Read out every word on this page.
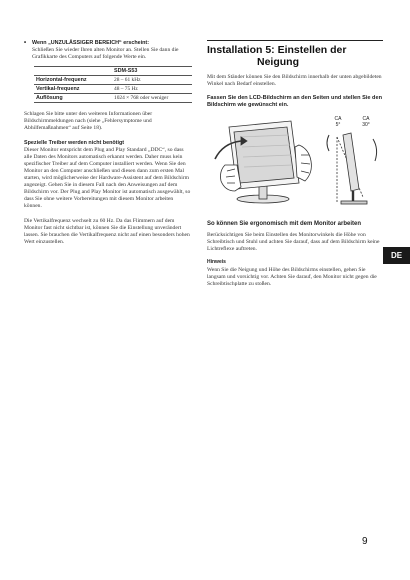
• Wenn „UNZULÄSSIGER BEREICH“ erscheint:
Schließen Sie wieder Ihren alten Monitor an. Stellen Sie dann die Grafikkarte des Computers auf folgende Werte ein.
	SDM-S53
Horizontal-frequenz	28 – 61 kHz
Vertikal-frequenz	48 – 75 Hz
Auflösung	1024 × 768 oder weniger

Schlagen Sie bitte unter den weiteren Informationen über Bildschirmmeldungen nach (siehe „Fehlersymptome und Abhilfemaßnahmen“ auf Seite 18).

Spezielle Treiber werden nicht benötigt

Dieser Monitor entspricht dem Plug and Play Standard „DDC“, so dass alle Daten des Monitors automatisch erkannt werden. Daher muss kein spezifischer Treiber auf dem Computer installiert werden. Wenn Sie den Monitor an den Computer anschließen und diesen dann zum ersten Mal starten, wird möglicherweise der Hardware-Assistent auf dem Bildschirm angezeigt. Gehen Sie in diesem Fall nach den Anweisungen auf dem Bildschirm vor. Der Plug and Play Monitor ist automatisch ausgewählt, so dass Sie ohne weitere Vorbereitungen mit diesem Monitor arbeiten können.

Die Vertikalfrequenz wechselt zu 60 Hz. Da das Flimmern auf dem Monitor fast nicht sichtbar ist, können Sie die Einstellung unverändert lassen. Sie brauchen die Vertikalfrequenz nicht auf einen besonders hohen Wert einzustellen.

Installation 5: Einstellen der
Neigung

Mit dem Ständer können Sie den Bildschirm innerhalb der unten abgebildeten Winkel nach Bedarf einstellen.

Fassen Sie den LCD-Bildschirm an den Seiten und stellen Sie den Bildschirm wie gewünscht ein.

CA
5°
CA
30°
So können Sie ergonomisch mit dem Monitor arbeiten

Berücksichtigen Sie beim Einstellen des Monitorwinkels die Höhe von Schreibtisch und Stuhl und achten Sie darauf, dass auf dem Bildschirm keine Lichtreflexe auftreten.

Hinweis

Wenn Sie die Neigung und Höhe des Bildschirms einstellen, gehen Sie langsam und vorsichtig vor. Achten Sie darauf, den Monitor nicht gegen die Schreibtischplatte zu stoßen.

DE
9
